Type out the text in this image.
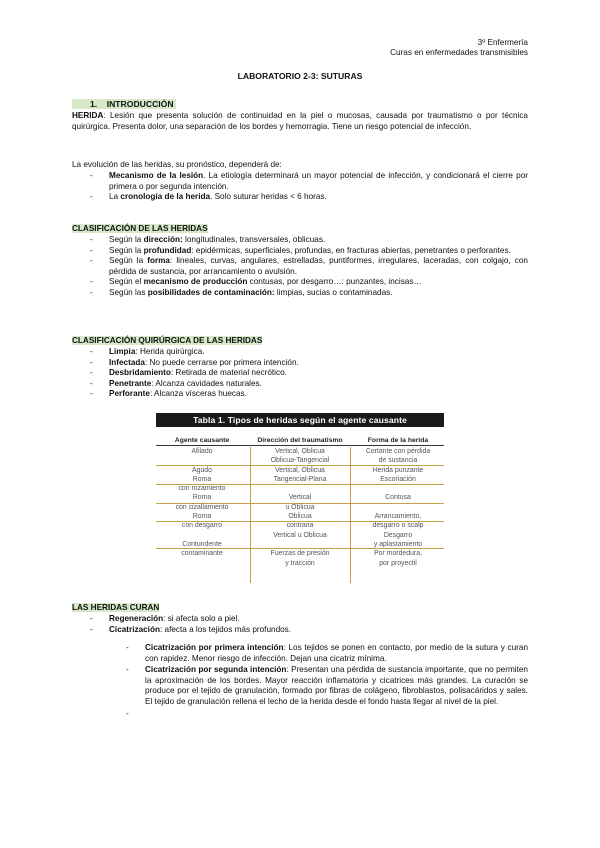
3º Enfermería
Curas en enfermedades transmisibles
LABORATORIO 2-3: SUTURAS
1.    INTRODUCCIÓN
HERIDA: Lesión que presenta solución de continuidad en la piel o mucosas, causada por traumatismo o por técnica quirúrgica. Presenta dolor, una separación de los bordes y hemorragia. Tiene un riesgo potencial de infección.
La evolución de las heridas, su pronóstico, dependerá de:
- Mecanismo de la lesión. La etiología determinará un mayor potencial de infección, y condicionará el cierre por primera o por segunda intención.
- La cronología de la herida. Solo suturar heridas < 6 horas.
CLASIFICACIÓN DE LAS HERIDAS
- Según la dirección: longitudinales, transversales, oblicuas.
- Según la profundidad: epidérmicas, superficiales, profundas, en fracturas abiertas, penetrantes o perforantes.
- Según la forma: lineales, curvas, angulares, estrelladas, puntiformes, irregulares, laceradas, con colgajo, con pérdida de sustancia, por arrancamiento o avulsión.
- Según el mecanismo de producción contusas, por desgarro…: punzantes, incisas…
- Según las posibilidades de contaminación: limpias, sucias o contaminadas.
CLASIFICACIÓN QUIRÚRGICA DE LAS HERIDAS
- Limpia: Herida quirúrgica.
- Infectada: No puede cerrarse por primera intención.
- Desbridamiento: Retirada de material necrótico.
- Penetrante: Alcanza cavidades naturales.
- Perforante: Alcanza vísceras huecas.
Tabla 1. Tipos de heridas según el agente causante
Agente causante	Dirección del traumatismo	Forma de la herida
Afilado
Agudo
Roma
con rozamiento
Roma
con cizallamiento
Roma
con desgarro
Contundente
contaminante
Vertical, Oblicua
Oblicua-Tangencial
Vertical, Oblicua
Tangencial-Plana
Vertical
u Oblicua
Oblicua
contraria
Vertical u Oblicua
Fuerzas de presión
y tracción
Cortante con pérdida
de sustancia
Herida punzante
Escoriación
Contusa
Arrancamiento,
desgarro o scalp
Desgarro
y aplastamiento
Por mordedura,
por proyectil
LAS HERIDAS CURAN
- Regeneración: si afecta solo a piel.
- Cicatrización: afecta a los tejidos más profundos.
- Cicatrización por primera intención: Los tejidos se ponen en contacto, por medio de la sutura y curan con rapidez. Menor riesgo de infección. Dejan una cicatriz mínima.
- Cicatrización por segunda intención: Presentan una pérdida de sustancia importante, que no permiten la aproximación de los bordes. Mayor reacción inflamatoria y cicatrices más grandes. La curación se produce por el tejido de granulación, formado por fibras de colágeno, fibroblastos, polisacáridos y sales. El tejido de granulación rellena el lecho de la herida desde el fondo hasta llegar al nivel de la piel.
-
